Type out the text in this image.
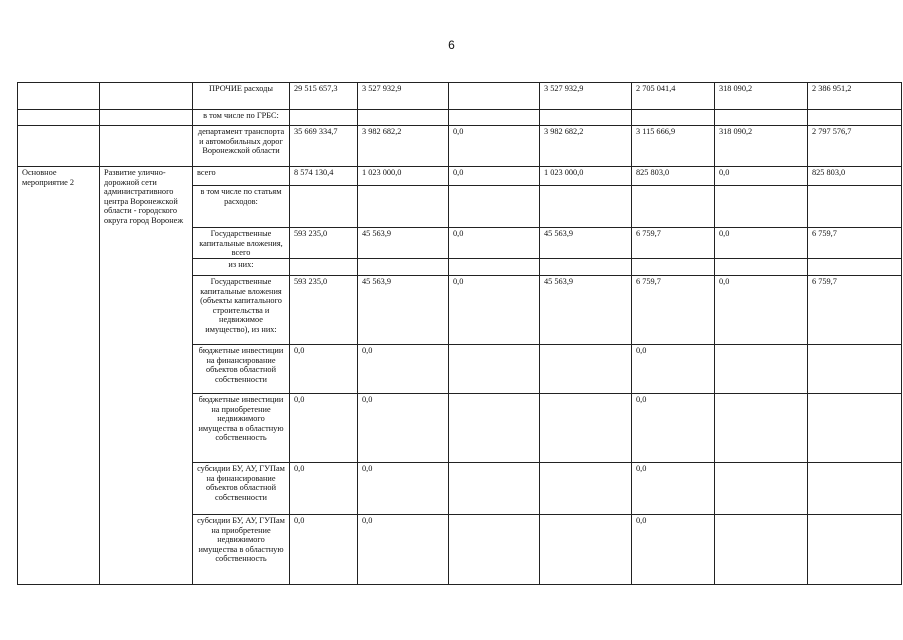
6
		ПРОЧИЕ расходы	29 515 657,3	3 527 932,9		3 527 932,9	2 705 041,4	318 090,2	2 386 951,2
		в том числе по ГРБС:							
		департамент транспорта и автомобильных дорог Воронежской области	35 669 334,7	3 982 682,2	0,0	3 982 682,2	3 115 666,9	318 090,2	2 797 576,7
Основное мероприятие 2	Развитие улично-дорожной сети административного центра Воронежской области - городского округа город Воронеж	всего	8 574 130,4	1 023 000,0	0,0	1 023 000,0	825 803,0	0,0	825 803,0
		в том числе по статьям расходов:							
		Государственные капитальные вложения, всего	593 235,0	45 563,9	0,0	45 563,9	6 759,7	0,0	6 759,7
		из них:							
		Государственные капитальные вложения (объекты капитального строительства и недвижимое имущество), из них:	593 235,0	45 563,9	0,0	45 563,9	6 759,7	0,0	6 759,7
		бюджетные инвестиции на финансирование объектов областной собственности	0,0	0,0			0,0		
		бюджетные инвестиции на приобретение недвижимого имущества в областную собственность	0,0	0,0			0,0		
		субсидии БУ, АУ, ГУПам на финансирование объектов областной собственности	0,0	0,0			0,0		
		субсидии БУ, АУ, ГУПам на приобретение недвижимого имущества в областную собственность	0,0	0,0			0,0		
